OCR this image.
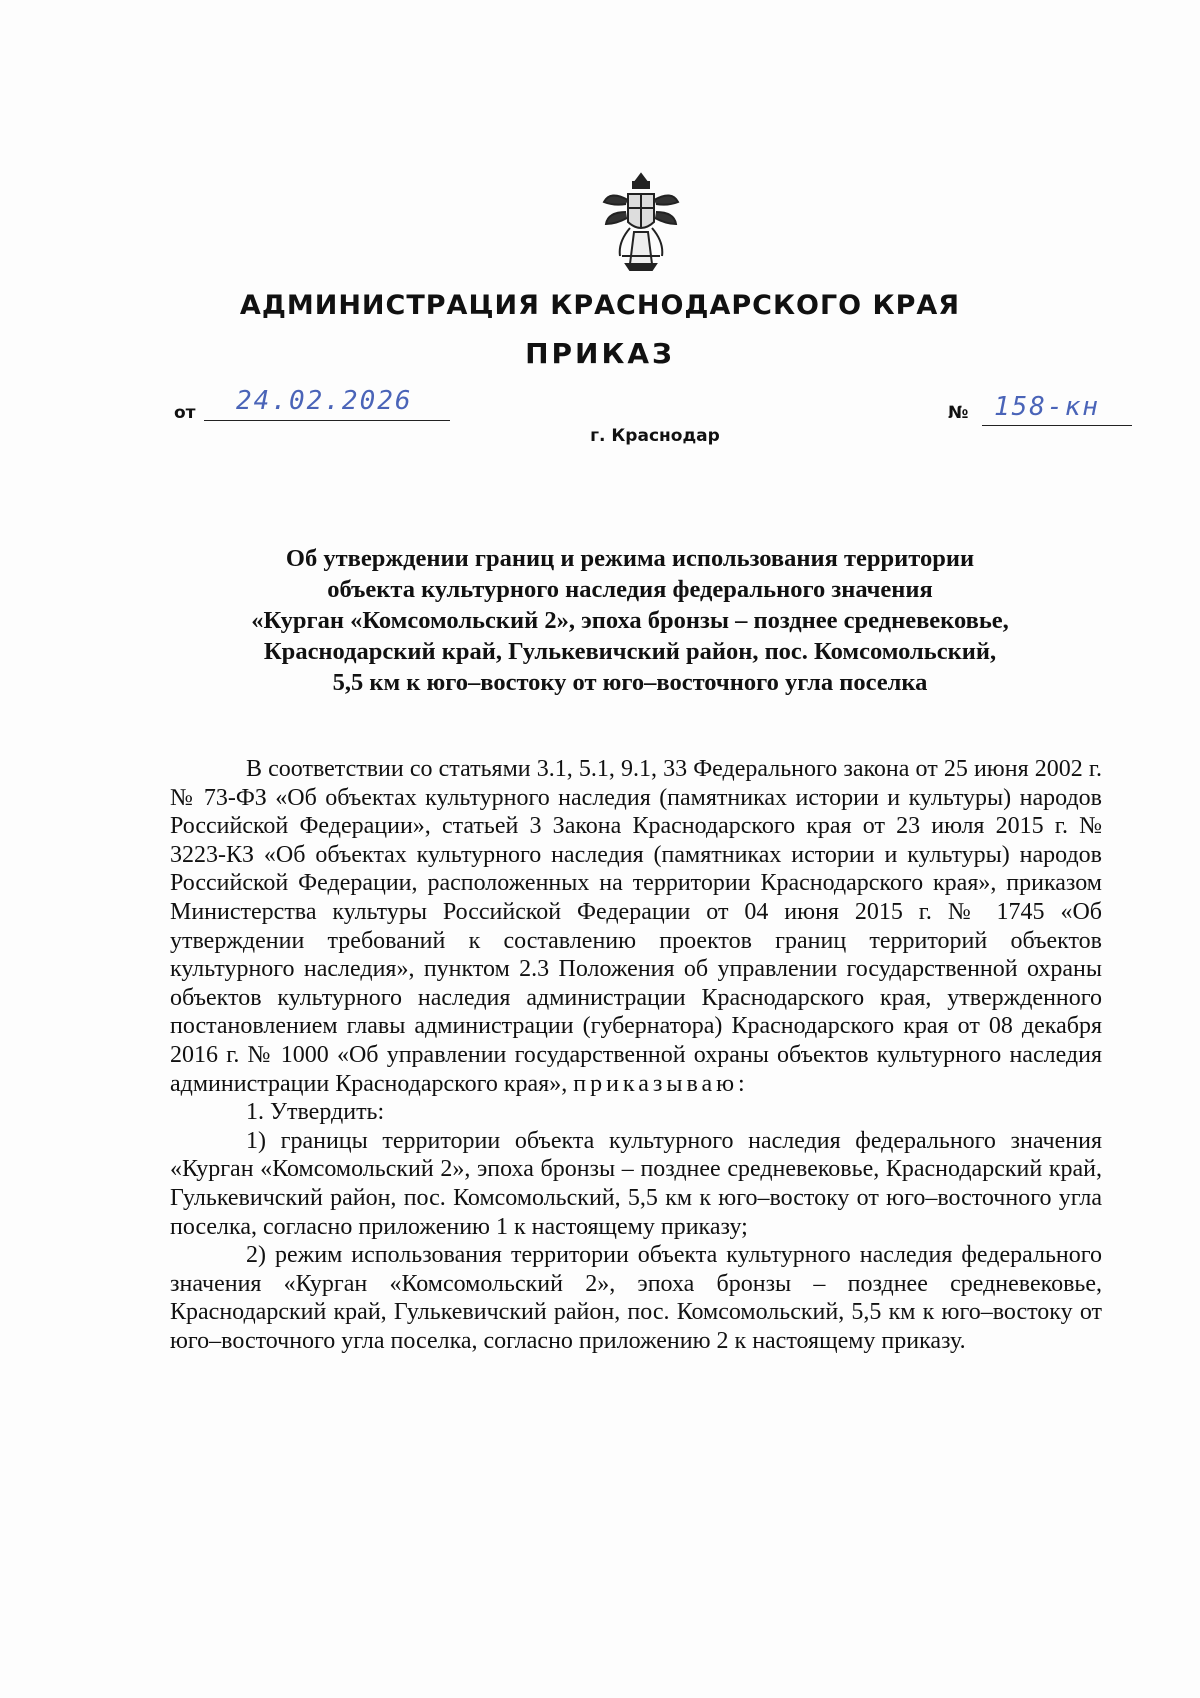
АДМИНИСТРАЦИЯ КРАСНОДАРСКОГО КРАЯ
ПРИКАЗ
от 24.02.2026	№ 158-кн
г. Краснодар
Об утверждении границ и режима использования территории
объекта культурного наследия федерального значения
«Курган «Комсомольский 2», эпоха бронзы – позднее средневековье,
Краснодарский край, Гулькевичский район, пос. Комсомольский,
5,5 км к юго–востоку от юго–восточного угла поселка

В соответствии со статьями 3.1, 5.1, 9.1, 33 Федерального закона от 25 июня 2002 г. № 73-ФЗ «Об объектах культурного наследия (памятниках истории и культуры) народов Российской Федерации», статьей 3 Закона Краснодарского края от 23 июля 2015 г. № 3223-КЗ «Об объектах культурного наследия (памятниках истории и культуры) народов Российской Федерации, расположенных на территории Краснодарского края», приказом Министерства культуры Российской Федерации от 04 июня 2015 г. № 1745 «Об утверждении требований к составлению проектов границ территорий объектов культурного наследия», пунктом 2.3 Положения об управлении государственной охраны объектов культурного наследия администрации Краснодарского края, утвержденного постановлением главы администрации (губернатора) Краснодарского края от 08 декабря 2016 г. № 1000 «Об управлении государственной охраны объектов культурного наследия администрации Краснодарского края», приказываю:

1. Утвердить:

1) границы территории объекта культурного наследия федерального значения «Курган «Комсомольский 2», эпоха бронзы – позднее средневековье, Краснодарский край, Гулькевичский район, пос. Комсомольский, 5,5 км к юго–востоку от юго–восточного угла поселка, согласно приложению 1 к настоящему приказу;

2) режим использования территории объекта культурного наследия федерального значения «Курган «Комсомольский 2», эпоха бронзы – позднее средневековье, Краснодарский край, Гулькевичский район, пос. Комсомольский, 5,5 км к юго–востоку от юго–восточного угла поселка, согласно приложению 2 к настоящему приказу.
